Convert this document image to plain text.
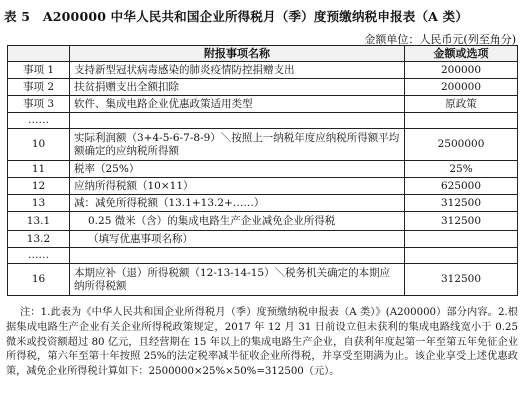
表 5　A200000 中华人民共和国企业所得税月（季）度预缴纳税申报表（A 类）
金额单位：人民币元(列至角分)
	附报事项名称	金额或选项
事项 1	支持新型冠状病毒感染的肺炎疫情防控捐赠支出	200000
事项 2	扶贫捐赠支出全额扣除	200000
事项 3	软件、集成电路企业优惠政策适用类型	原政策
……		
10	实际利润额（3+4-5-6-7-8-9）＼按照上一纳税年度应纳税所得额平均额确定的应纳税所得额	2500000
11	税率（25%）	25%
12	应纳所得税额（10×11）	625000
13	减：减免所得税额（13.1+13.2+……）	312500
13.1	0.25 微米（含）的集成电路生产企业减免企业所得税	312500
13.2	（填写优惠事项名称）	
……		
16	本期应补（退）所得税额（12-13-14-15）＼税务机关确定的本期应纳所得税额	312500

注：1.此表为《中华人民共和国企业所得税月（季）度预缴纳税申报表（A 类）》(A200000）部分内容。2.根据集成电路生产企业有关企业所得税政策规定，2017 年 12 月 31 日前设立但未获利的集成电路线宽小于 0.25 微米或投资额超过 80 亿元，且经营期在 15 年以上的集成电路生产企业，自获利年度起第一年至第五年免征企业所得税，第六年至第十年按照 25%的法定税率减半征收企业所得税，并享受至期满为止。该企业享受上述优惠政策，减免企业所得税计算如下：2500000×25%×50%=312500（元）。
